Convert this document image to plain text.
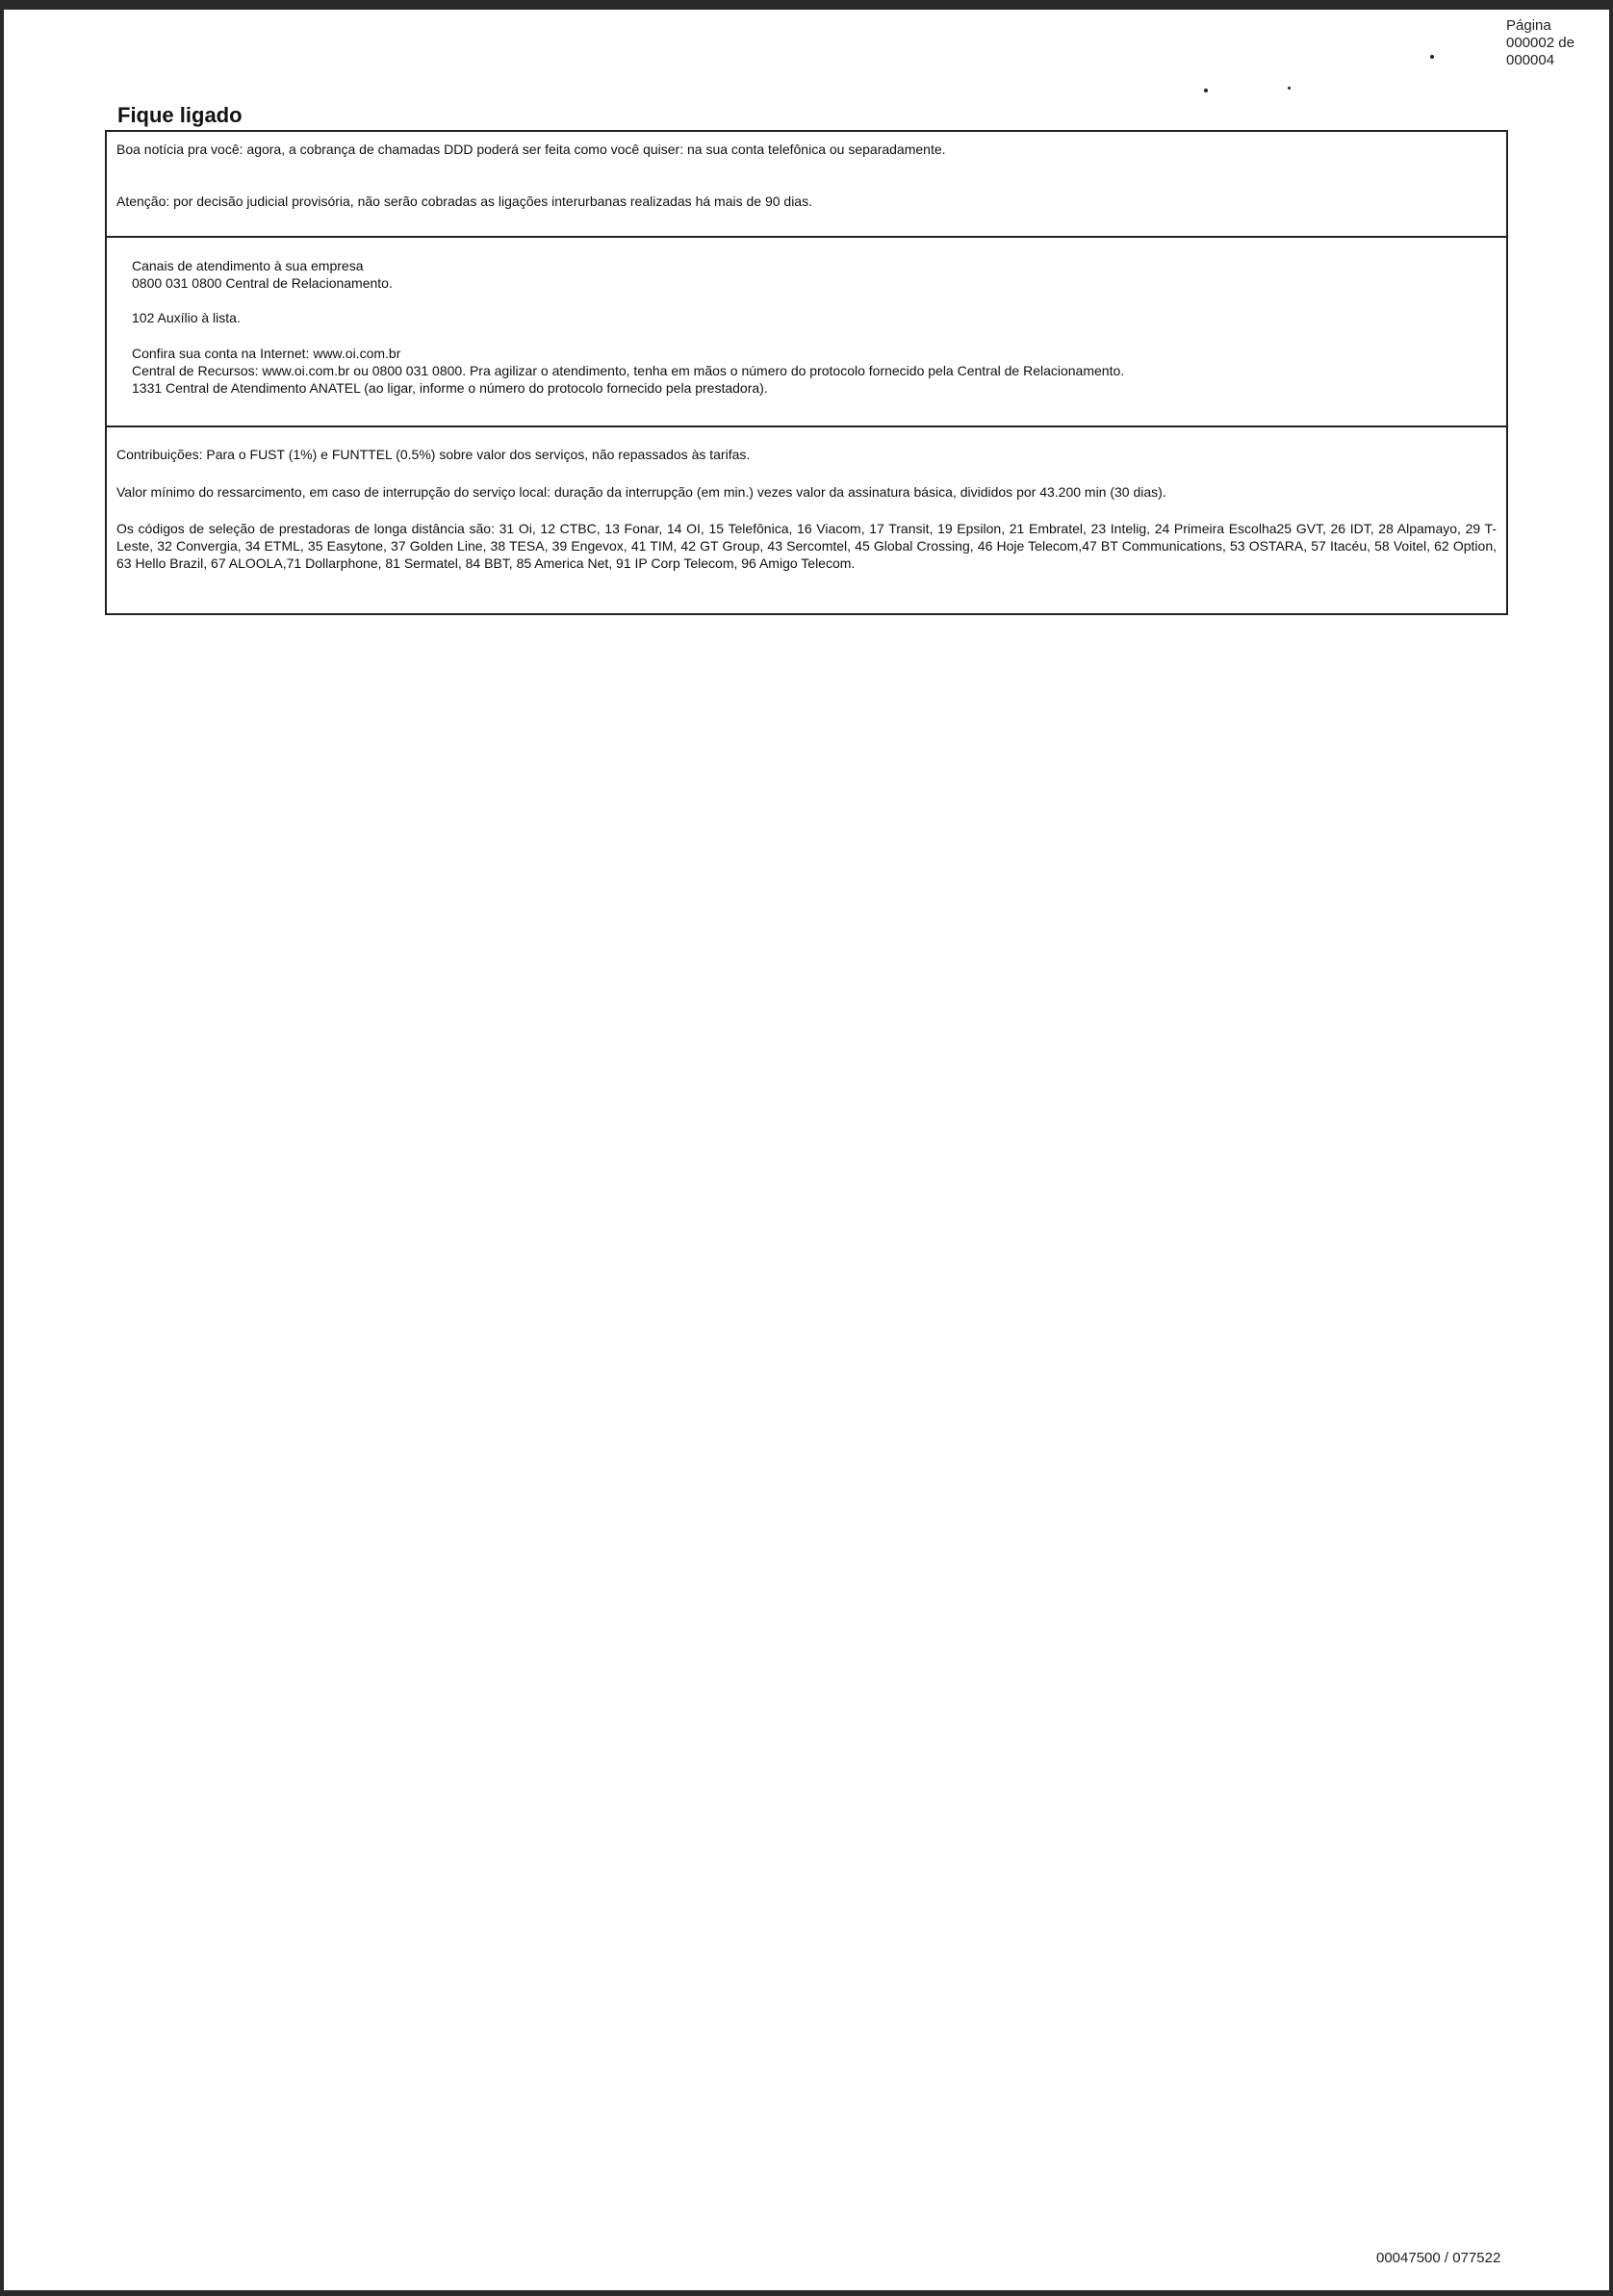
Página
000002 de
000004
Fique ligado
Boa notícia pra você: agora, a cobrança de chamadas DDD poderá ser feita como você quiser: na sua conta telefônica ou separadamente.
Atenção: por decisão judicial provisória, não serão cobradas as ligações interurbanas realizadas há mais de 90 dias.
Canais de atendimento à sua empresa
0800 031 0800 Central de Relacionamento.
102 Auxílio à lista.
Confira sua conta na Internet: www.oi.com.br
Central de Recursos: www.oi.com.br ou 0800 031 0800. Pra agilizar o atendimento, tenha em mãos o número do protocolo fornecido pela Central de Relacionamento.
1331 Central de Atendimento ANATEL (ao ligar, informe o número do protocolo fornecido pela prestadora).
Contribuições: Para o FUST (1%) e FUNTTEL (0.5%) sobre valor dos serviços, não repassados às tarifas.
Valor mínimo do ressarcimento, em caso de interrupção do serviço local: duração da interrupção (em min.) vezes valor da assinatura básica, divididos por 43.200 min (30 dias).
Os códigos de seleção de prestadoras de longa distância são: 31 Oi, 12 CTBC, 13 Fonar, 14 OI, 15 Telefônica, 16 Viacom, 17 Transit, 19 Epsilon, 21 Embratel, 23 Intelig, 24 Primeira Escolha25 GVT, 26 IDT, 28 Alpamayo, 29 T-Leste, 32 Convergia, 34 ETML, 35 Easytone, 37 Golden Line, 38 TESA, 39 Engevox, 41 TIM, 42 GT Group, 43 Sercomtel, 45 Global Crossing, 46 Hoje Telecom,47 BT Communications, 53 OSTARA, 57 Itacéu, 58 Voitel, 62 Option, 63 Hello Brazil, 67 ALOOLA,71 Dollarphone, 81 Sermatel, 84 BBT, 85 America Net, 91 IP Corp Telecom, 96 Amigo Telecom.
00047500 / 077522
